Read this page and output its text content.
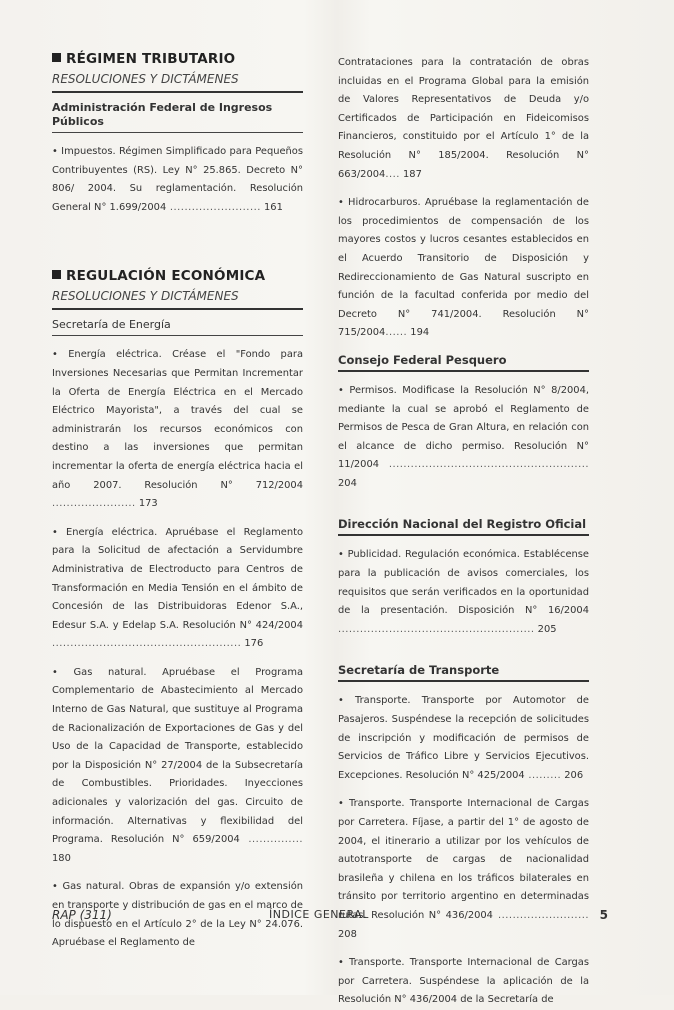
RÉGIMEN TRIBUTARIO
RESOLUCIONES Y DICTÁMENES
Administración Federal de Ingresos Públicos

• Impuestos. Régimen Simplificado para Pequeños Contribuyentes (RS). Ley N° 25.865. Decreto N° 806/ 2004. Su reglamentación. Resolución General N° 1.699/2004 ......................... 161

REGULACIÓN ECONÓMICA
RESOLUCIONES Y DICTÁMENES
Secretaría de Energía

• Energía eléctrica. Créase el "Fondo para Inversiones Necesarias que Permitan Incrementar la Oferta de Energía Eléctrica en el Mercado Eléctrico Mayorista", a través del cual se administrarán los recursos económicos con destino a las inversiones que permitan incrementar la oferta de energía eléctrica hacia el año 2007. Resolución N° 712/2004 ....................... 173

• Energía eléctrica. Apruébase el Reglamento para la Solicitud de afectación a Servidumbre Administrativa de Electroducto para Centros de Transformación en Media Tensión en el ámbito de Concesión de las Distribuidoras Edenor S.A., Edesur S.A. y Edelap S.A. Resolución N° 424/2004 .................................................... 176

• Gas natural. Apruébase el Programa Complementario de Abastecimiento al Mercado Interno de Gas Natural, que sustituye al Programa de Racionalización de Exportaciones de Gas y del Uso de la Capacidad de Transporte, establecido por la Disposición N° 27/2004 de la Subsecretaría de Combustibles. Prioridades. Inyecciones adicionales y valorización del gas. Circuito de información. Alternativas y flexibilidad del Programa. Resolución N° 659/2004 ............... 180

• Gas natural. Obras de expansión y/o extensión en transporte y distribución de gas en el marco de lo dispuesto en el Artículo 2° de la Ley N° 24.076. Apruébase el Reglamento de

Contrataciones para la contratación de obras incluidas en el Programa Global para la emisión de Valores Representativos de Deuda y/o Certificados de Participación en Fideicomisos Financieros, constituido por el Artículo 1° de la Resolución N° 185/2004. Resolución N° 663/2004.... 187

• Hidrocarburos. Apruébase la reglamentación de los procedimientos de compensación de los mayores costos y lucros cesantes establecidos en el Acuerdo Transitorio de Disposición y Redireccionamiento de Gas Natural suscripto en función de la facultad conferida por medio del Decreto N° 741/2004. Resolución N° 715/2004...... 194

Consejo Federal Pesquero

• Permisos. Modificase la Resolución N° 8/2004, mediante la cual se aprobó el Reglamento de Permisos de Pesca de Gran Altura, en relación con el alcance de dicho permiso. Resolución N° 11/2004 ....................................................... 204

Dirección Nacional del Registro Oficial

• Publicidad. Regulación económica. Establécense para la publicación de avisos comerciales, los requisitos que serán verificados en la oportunidad de la presentación. Disposición N° 16/2004 ...................................................... 205

Secretaría de Transporte

• Transporte. Transporte por Automotor de Pasajeros. Suspéndese la recepción de solicitudes de inscripción y modificación de permisos de Servicios de Tráfico Libre y Servicios Ejecutivos. Excepciones. Resolución N° 425/2004 ......... 206

• Transporte. Transporte Internacional de Cargas por Carretera. Fíjase, a partir del 1° de agosto de 2004, el itinerario a utilizar por los vehículos de autotransporte de cargas de nacionalidad brasileña y chilena en los tráficos bilaterales en tránsito por territorio argentino en determinadas rutas. Resolución N° 436/2004 ......................... 208

• Transporte. Transporte Internacional de Cargas por Carretera. Suspéndese la aplicación de la Resolución N° 436/2004 de la Secretaría de

RAP (311)	ÍNDICE GENERAL	5
